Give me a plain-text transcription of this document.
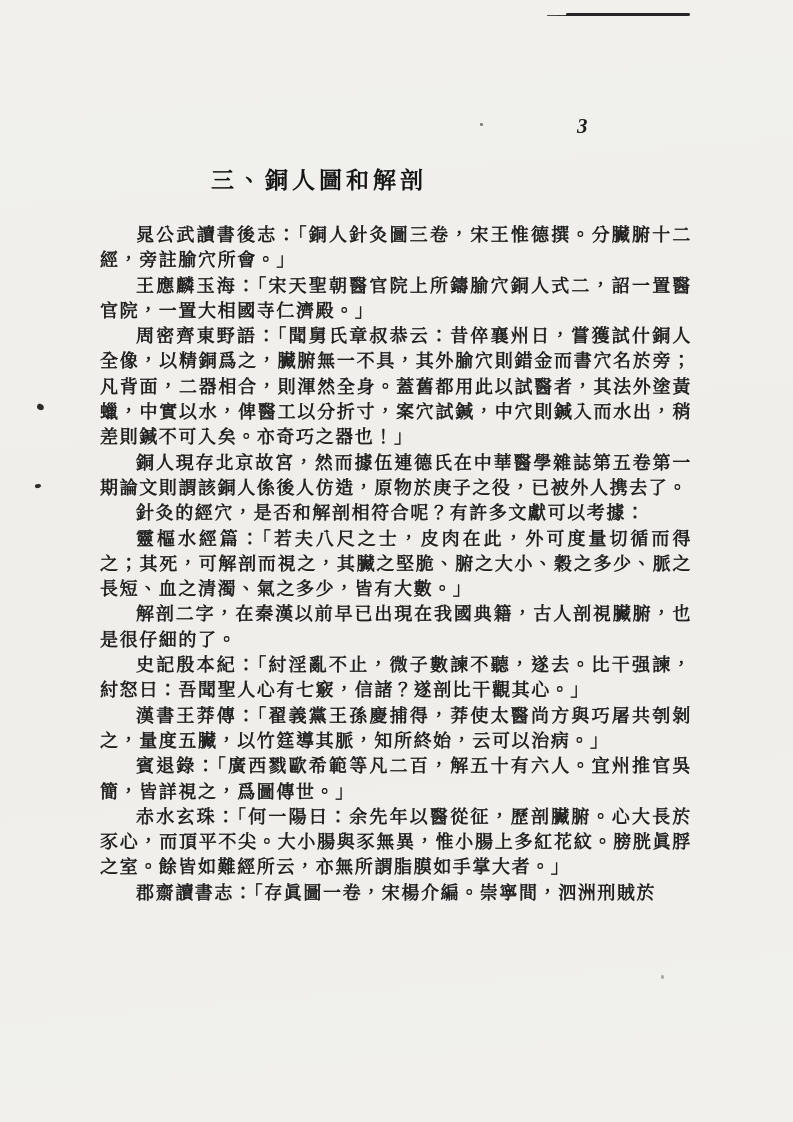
3
三、銅人圖和解剖

晁公武讀書後志：「銅人針灸圖三卷，宋王惟德撰。分臟腑十二經，旁註腧穴所會。」

王應麟玉海：「宋天聖朝醫官院上所鑄腧穴銅人式二，詔一置醫官院，一置大相國寺仁濟殿。」

周密齊東野語：「聞舅氏章叔恭云：昔倅襄州日，嘗獲試什銅人全像，以精銅爲之，臟腑無一不具，其外腧穴則錯金而書穴名於旁；凡背面，二器相合，則渾然全身。蓋舊都用此以試醫者，其法外塗黃蠟，中實以水，俾醫工以分折寸，案穴試鍼，中穴則鍼入而水出，稍差則鍼不可入矣。亦奇巧之器也！」

銅人現存北京故宮，然而據伍連德氏在中華醫學雜誌第五卷第一期論文則謂該銅人係後人仿造，原物於庚子之役，已被外人携去了。

針灸的經穴，是否和解剖相符合呢？有許多文獻可以考據：

靈樞水經篇：「若夫八尺之士，皮肉在此，外可度量切循而得之；其死，可解剖而視之，其臟之堅脆、腑之大小、穀之多少、脈之長短、血之清濁、氣之多少，皆有大數。」

解剖二字，在秦漢以前早已出現在我國典籍，古人剖視臟腑，也是很仔細的了。

史記殷本紀：「紂淫亂不止，微子數諫不聽，遂去。比干强諫，紂怒曰：吾聞聖人心有七竅，信諸？遂剖比干觀其心。」

漢書王莽傳：「翟義黨王孫慶捕得，莽使太醫尚方與巧屠共刳剝之，量度五臟，以竹筳導其脈，知所終始，云可以治病。」

賓退錄：「廣西戮歐希範等凡二百，解五十有六人。宜州推官吳簡，皆詳視之，爲圖傳世。」

赤水玄珠：「何一陽曰：余先年以醫從征，歷剖臟腑。心大長於豕心，而頂平不尖。大小腸與豕無異，惟小腸上多紅花紋。膀胱眞脬之室。餘皆如難經所云，亦無所謂脂膜如手掌大者。」

郡齋讀書志：「存眞圖一卷，宋楊介編。崇寧間，泗洲刑賊於
